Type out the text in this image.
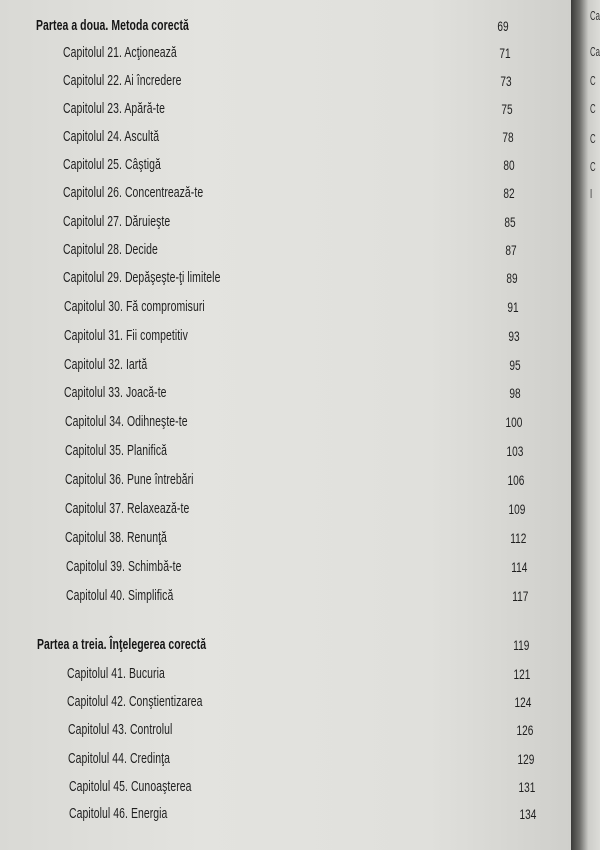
Ca
Ca
C
C
C
C
I
Partea a doua. Metoda corectă	69
Capitolul 21. Acţionează	71
Capitolul 22. Ai încredere	73
Capitolul 23. Apără-te	75
Capitolul 24. Ascultă	78
Capitolul 25. Câştigă	80
Capitolul 26. Concentrează-te	82
Capitolul 27. Dăruieşte	85
Capitolul 28. Decide	87
Capitolul 29. Depăşeşte-ţi limitele	89
Capitolul 30. Fă compromisuri	91
Capitolul 31. Fii competitiv	93
Capitolul 32. Iartă	95
Capitolul 33. Joacă-te	98
Capitolul 34. Odihneşte-te	100
Capitolul 35. Planifică	103
Capitolul 36. Pune întrebări	106
Capitolul 37. Relaxează-te	109
Capitolul 38. Renunţă	112
Capitolul 39. Schimbă-te	114
Capitolul 40. Simplifică	117
Partea a treia. Înţelegerea corectă	119
Capitolul 41. Bucuria	121
Capitolul 42. Conştientizarea	124
Capitolul 43. Controlul	126
Capitolul 44. Credinţa	129
Capitolul 45. Cunoaşterea	131
Capitolul 46. Energia	134
